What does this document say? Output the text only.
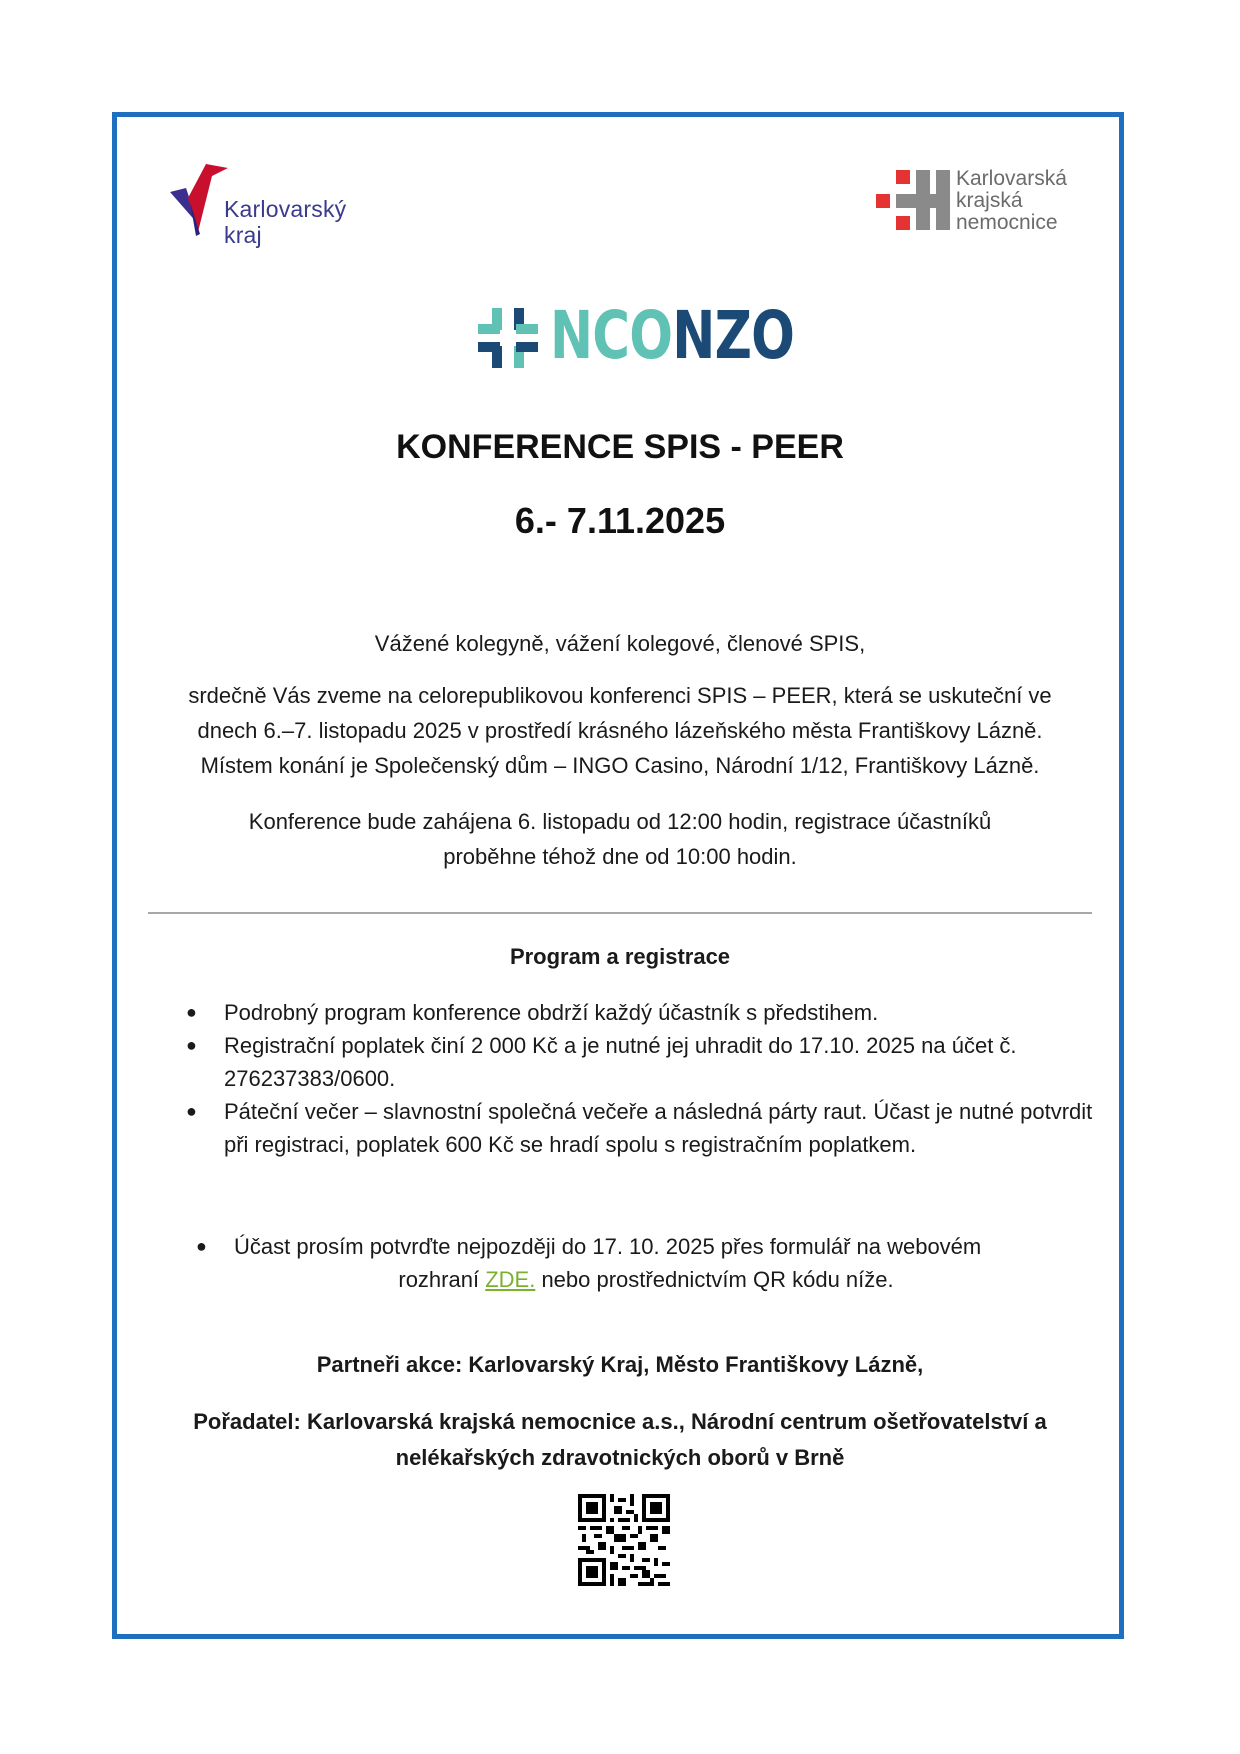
Karlovarský
kraj
Karlovarská
krajská
nemocnice
NCONZO
KONFERENCE SPIS - PEER
6.- 7.11.2025
Vážené kolegyně, vážení kolegové, členové SPIS,
srdečně Vás zveme na celorepublikovou konferenci SPIS – PEER, která se uskuteční ve
dnech 6.–7. listopadu 2025 v prostředí krásného lázeňského města Františkovy Lázně.
Místem konání je Společenský dům – INGO Casino, Národní 1/12, Františkovy Lázně.
Konference bude zahájena 6. listopadu od 12:00 hodin, registrace účastníků
proběhne téhož dne od 10:00 hodin.
Program a registrace
●	Podrobný program konference obdrží každý účastník s předstihem.
●	Registrační poplatek činí 2 000 Kč a je nutné jej uhradit do 17.10. 2025 na účet č. 276237383/0600.
●	Páteční večer – slavnostní společná večeře a následná párty raut. Účast je nutné potvrdit při registraci, poplatek 600 Kč se hradí spolu s registračním poplatkem.
●	Účast prosím potvrďte nejpozději do 17. 10. 2025 přes formulář na webovém
rozhraní ZDE. nebo prostřednictvím QR kódu níže.
Partneři akce: Karlovarský Kraj, Město Františkovy Lázně,
Pořadatel: Karlovarská krajská nemocnice a.s., Národní centrum ošetřovatelství a
nelékařských zdravotnických oborů v Brně
